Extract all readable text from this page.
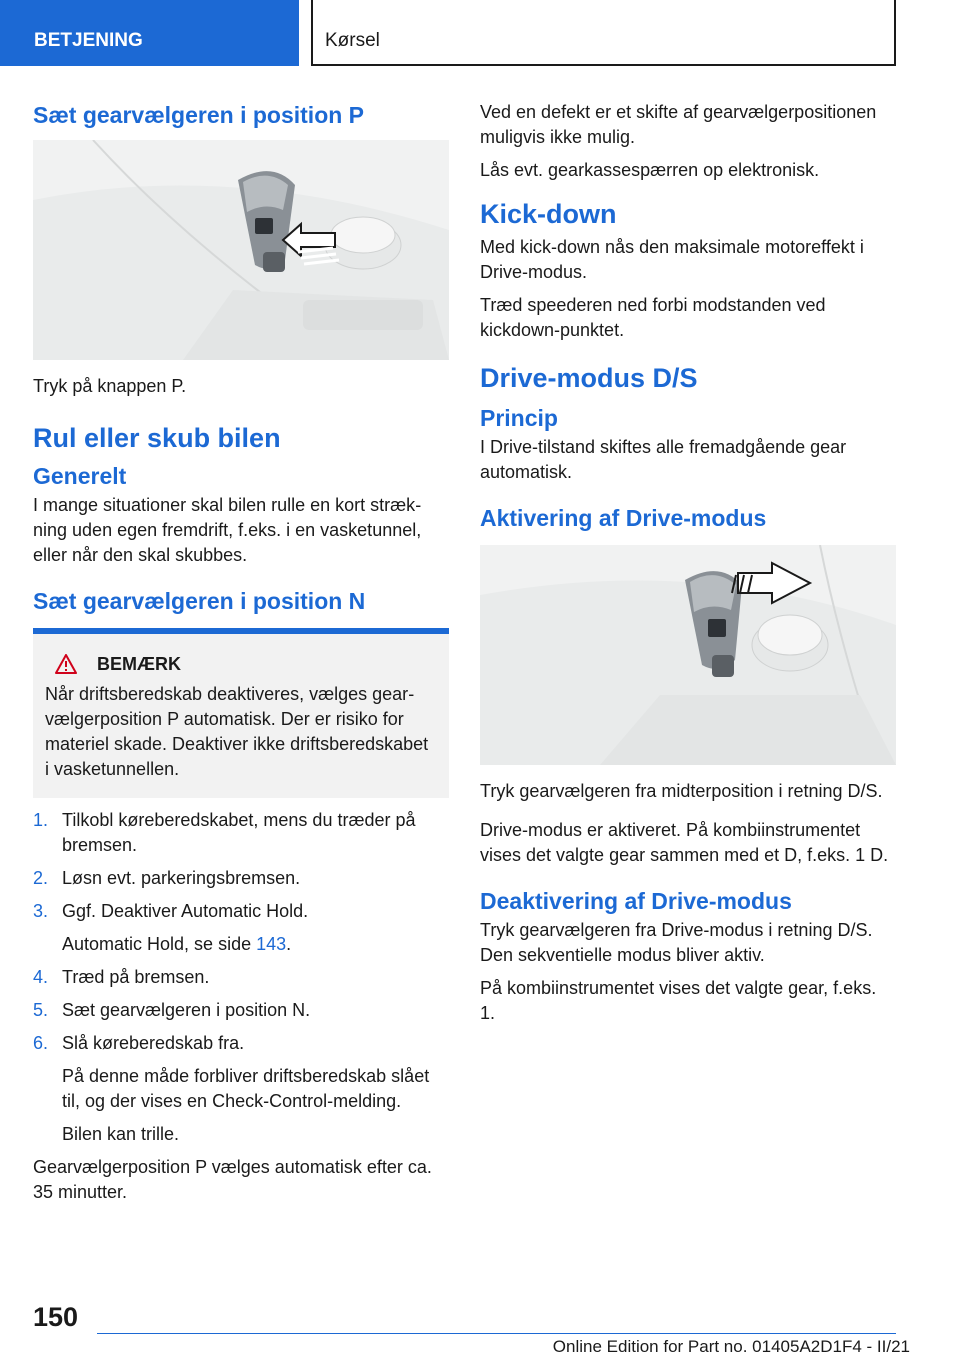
BETJENING	Kørsel
Sæt gearvælgeren i position P

Tryk på knappen P.

Rul eller skub bilen
Generelt

I mange situationer skal bilen rulle en kort strækning uden egen fremdrift, f.eks. i en vasketunnel, eller når den skal skubbes.

Sæt gearvælgeren i position N
BEMÆRK

Når driftsberedskab deaktiveres, vælges gearvælgerposition P automatisk. Der er risiko for materiel skade. Deaktiver ikke driftsberedskabet i vasketunnellen.

1. Tilkobl køreberedskabet, mens du træder på bremsen.
2. Løsn evt. parkeringsbremsen.
3. Ggf. Deaktiver Automatic Hold.
Automatic Hold, se side 143.
4. Træd på bremsen.
5. Sæt gearvælgeren i position N.
6. Slå køreberedskab fra.
På denne måde forbliver driftsberedskab slået til, og der vises en Check-Control-melding.
Bilen kan trille.

Gearvælgerposition P vælges automatisk efter ca. 35 minutter.

Ved en defekt er et skifte af gearvælgerpositionen muligvis ikke mulig.

Lås evt. gearkassespærren op elektronisk.

Kick-down

Med kick-down nås den maksimale motoreffekt i Drive-modus.

Træd speederen ned forbi modstanden ved kickdown-punktet.

Drive-modus D/S
Princip

I Drive-tilstand skiftes alle fremadgående gear automatisk.

Aktivering af Drive-modus

Tryk gearvælgeren fra midterposition i retning D/S.

Drive-modus er aktiveret. På kombiinstrumentet vises det valgte gear sammen med et D, f.eks. 1 D.

Deaktivering af Drive-modus

Tryk gearvælgeren fra Drive-modus i retning D/S. Den sekventielle modus bliver aktiv.

På kombiinstrumentet vises det valgte gear, f.eks. 1.

150
Online Edition for Part no. 01405A2D1F4 - II/21
